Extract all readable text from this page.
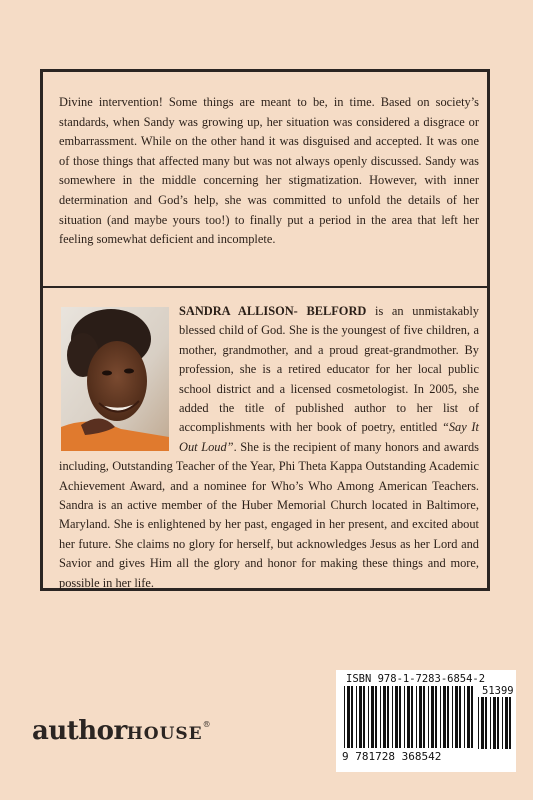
Divine intervention! Some things are meant to be, in time. Based on society’s standards, when Sandy was growing up, her situation was considered a disgrace or embarrassment. While on the other hand it was disguised and accepted. It was one of those things that affected many but was not always openly discussed. Sandy was somewhere in the middle concerning her stigmatization. However, with inner determination and God’s help, she was committed to unfold the details of her situation (and maybe yours too!) to finally put a period in the area that left her feeling somewhat deficient and incomplete.

SANDRA ALLISON- BELFORD is an unmistakably blessed child of God. She is the youngest of five children, a mother, grandmother, and a proud great-grandmother. By profession, she is a retired educator for her local public school district and a licensed cosmetologist. In 2005, she added the title of published author to her list of accomplishments with her book of poetry, entitled “Say It Out Loud”. She is the recipient of many honors and awards including, Outstanding Teacher of the Year, Phi Theta Kappa Outstanding Academic Achievement Award, and a nominee for Who’s Who Among American Teachers. Sandra is an active member of the Huber Memorial Church located in Baltimore, Maryland. She is enlightened by her past, engaged in her present, and excited about her future. She claims no glory for herself, but acknowledges Jesus as her Lord and Savior and gives Him all the glory and honor for making these things and more, possible in her life.

authorHOUSE®
ISBN 978-1-7283-6854-2
51399
9 781728 368542
